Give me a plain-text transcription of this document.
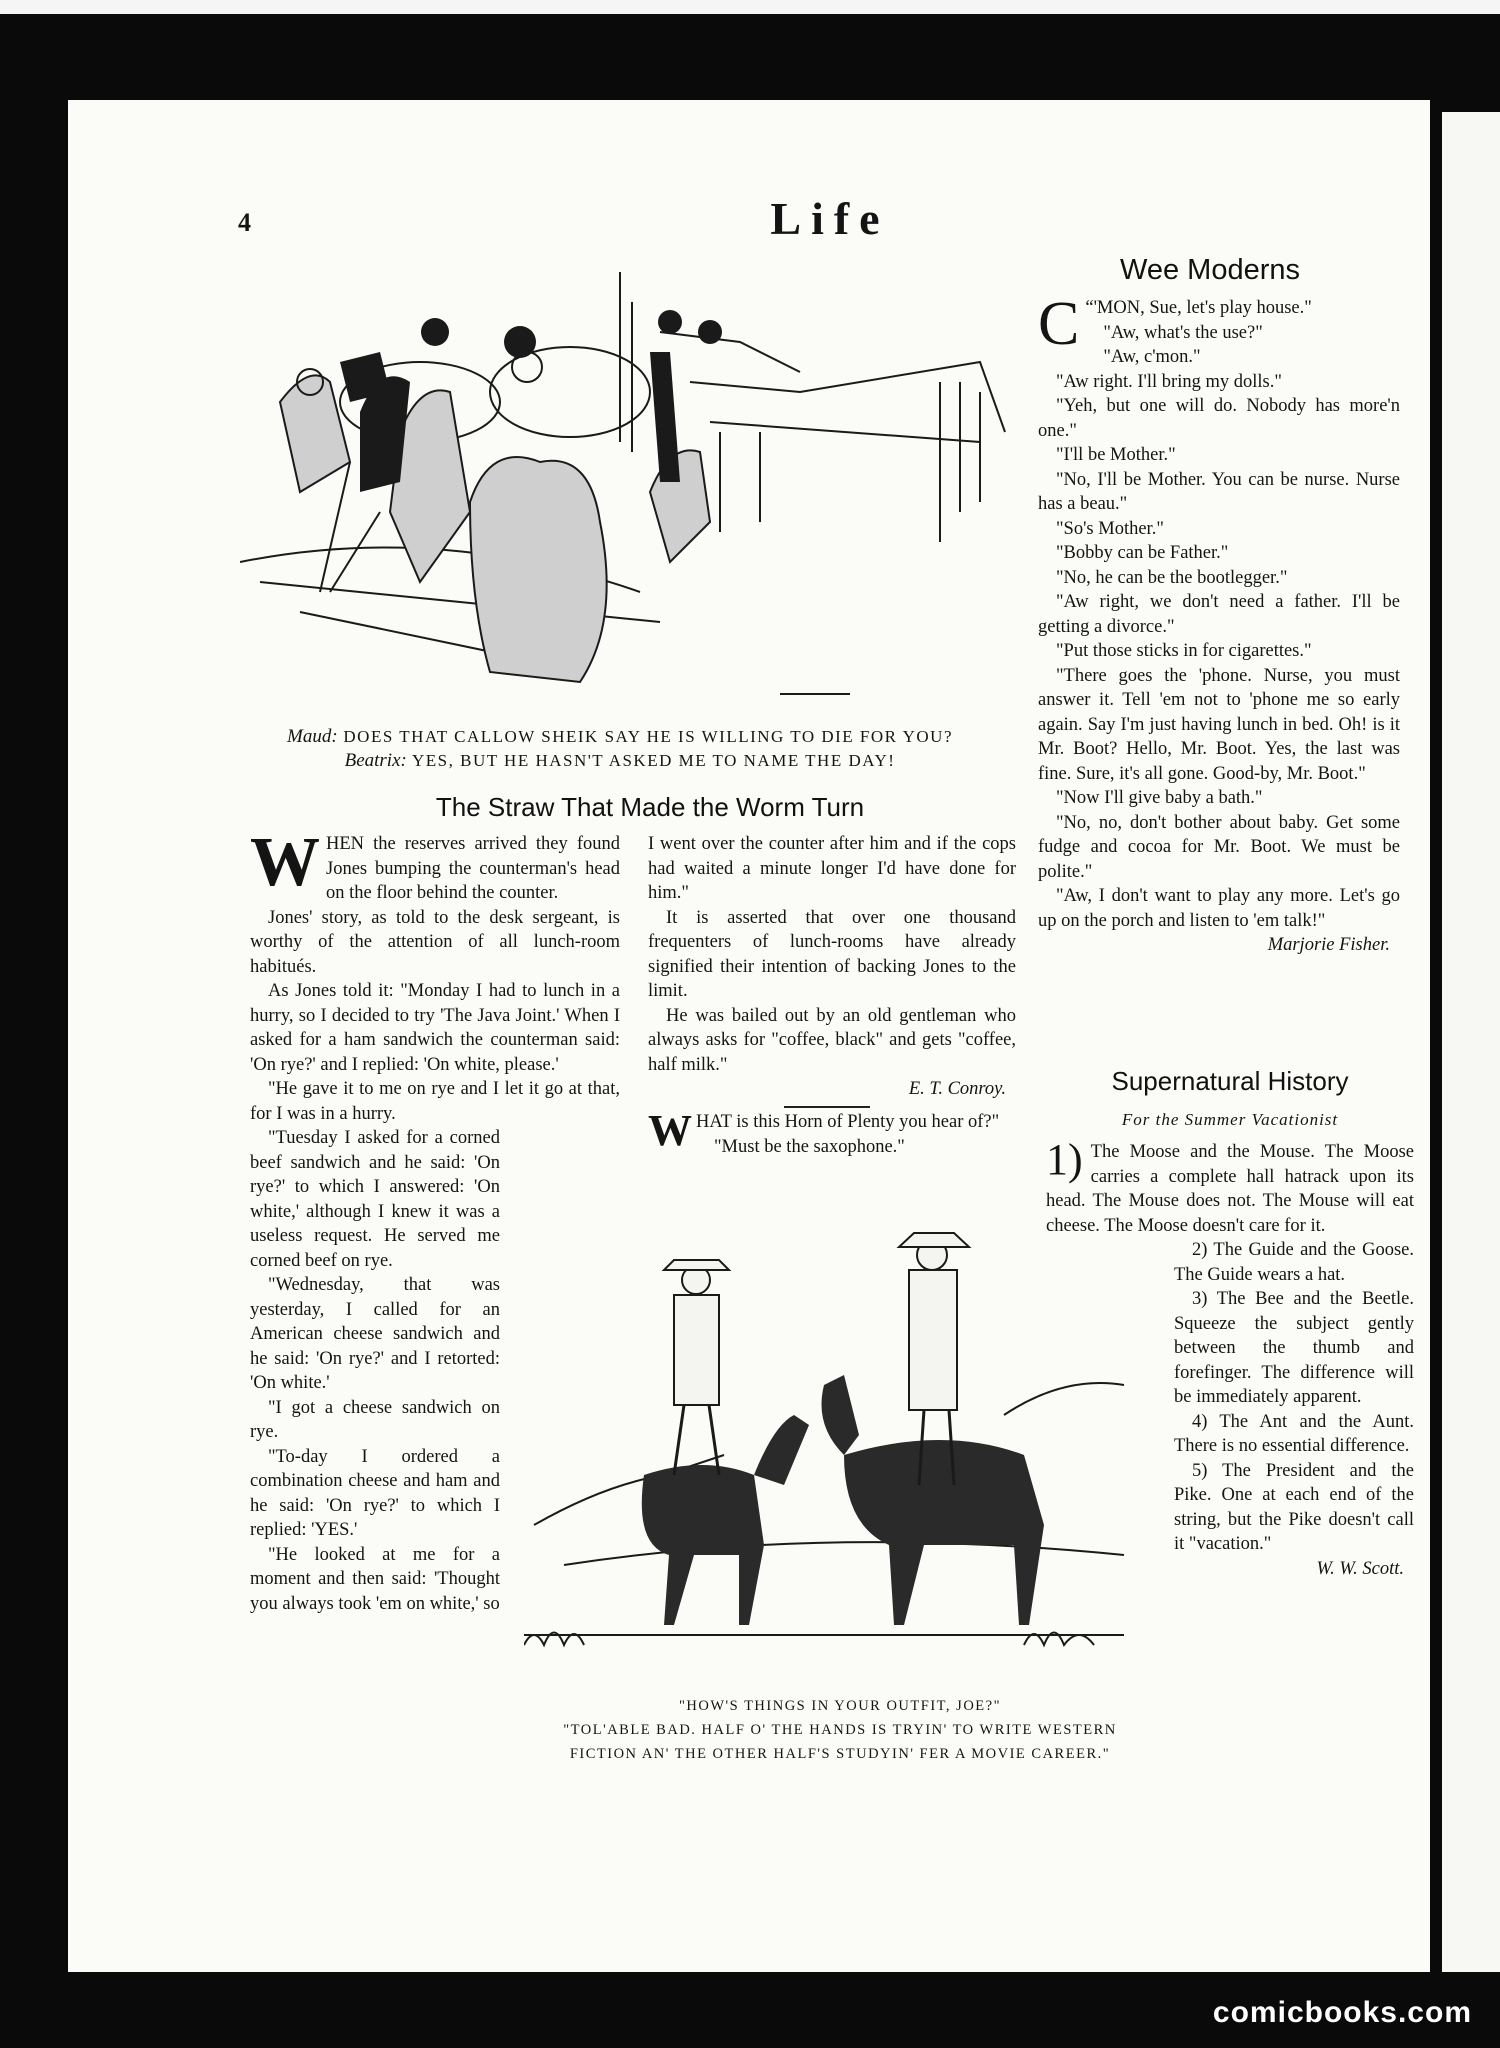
4	Life
Maud: DOES THAT CALLOW SHEIK SAY HE IS WILLING TO DIE FOR YOU?
Beatrix: YES, BUT HE HASN'T ASKED ME TO NAME THE DAY!
The Straw That Made the Worm Turn

WHEN the reserves arrived they found Jones bumping the counterman's head on the floor behind the counter.

Jones' story, as told to the desk sergeant, is worthy of the attention of all lunch-room habitués.

As Jones told it: "Monday I had to lunch in a hurry, so I decided to try 'The Java Joint.' When I asked for a ham sandwich the counterman said: 'On rye?' and I replied: 'On white, please.'

"He gave it to me on rye and I let it go at that, for I was in a hurry.

"Tuesday I asked for a corned beef sandwich and he said: 'On rye?' to which I answered: 'On white,' although I knew it was a useless request. He served me corned beef on rye.

"Wednesday, that was yesterday, I called for an American cheese sandwich and he said: 'On rye?' and I retorted: 'On white.'

"I got a cheese sandwich on rye.

"To-day I ordered a combination cheese and ham and he said: 'On rye?' to which I replied: 'YES.'

"He looked at me for a moment and then said: 'Thought you always took 'em on white,' so

I went over the counter after him and if the cops had waited a minute longer I'd have done for him."

It is asserted that over one thousand frequenters of lunch-rooms have already signified their intention of backing Jones to the limit.

He was bailed out by an old gentleman who always asks for "coffee, black" and gets "coffee, half milk."

E. T. Conroy.

WHAT is this Horn of Plenty you hear of?"

"Must be the saxophone."

"HOW'S THINGS IN YOUR OUTFIT, JOE?"
"TOL'ABLE BAD. HALF O' THE HANDS IS TRYIN' TO WRITE WESTERN FICTION AN' THE OTHER HALF'S STUDYIN' FER A MOVIE CAREER."
Wee Moderns

“
C 'MON, Sue, let's play house."

"Aw, what's the use?"

"Aw, c'mon."

"Aw right. I'll bring my dolls."

"Yeh, but one will do. Nobody has more'n one."

"I'll be Mother."

"No, I'll be Mother. You can be nurse. Nurse has a beau."

"So's Mother."

"Bobby can be Father."

"No, he can be the bootlegger."

"Aw right, we don't need a father. I'll be getting a divorce."

"Put those sticks in for cigarettes."

"There goes the 'phone. Nurse, you must answer it. Tell 'em not to 'phone me so early again. Say I'm just having lunch in bed. Oh! is it Mr. Boot? Hello, Mr. Boot. Yes, the last was fine. Sure, it's all gone. Good-by, Mr. Boot."

"Now I'll give baby a bath."

"No, no, don't bother about baby. Get some fudge and cocoa for Mr. Boot. We must be polite."

"Aw, I don't want to play any more. Let's go up on the porch and listen to 'em talk!"

Marjorie Fisher.
Supernatural History
For the Summer Vacationist

1) The Moose and the Mouse. The Moose carries a complete hall hatrack upon its head. The Mouse does not. The Mouse will eat cheese. The Moose doesn't care for it.

2) The Guide and the Goose. The Guide wears a hat.

3) The Bee and the Beetle. Squeeze the subject gently between the thumb and forefinger. The difference will be immediately apparent.

4) The Ant and the Aunt. There is no essential difference.

5) The President and the Pike. One at each end of the string, but the Pike doesn't call it "vacation."

W. W. Scott.
comicbooks.com
